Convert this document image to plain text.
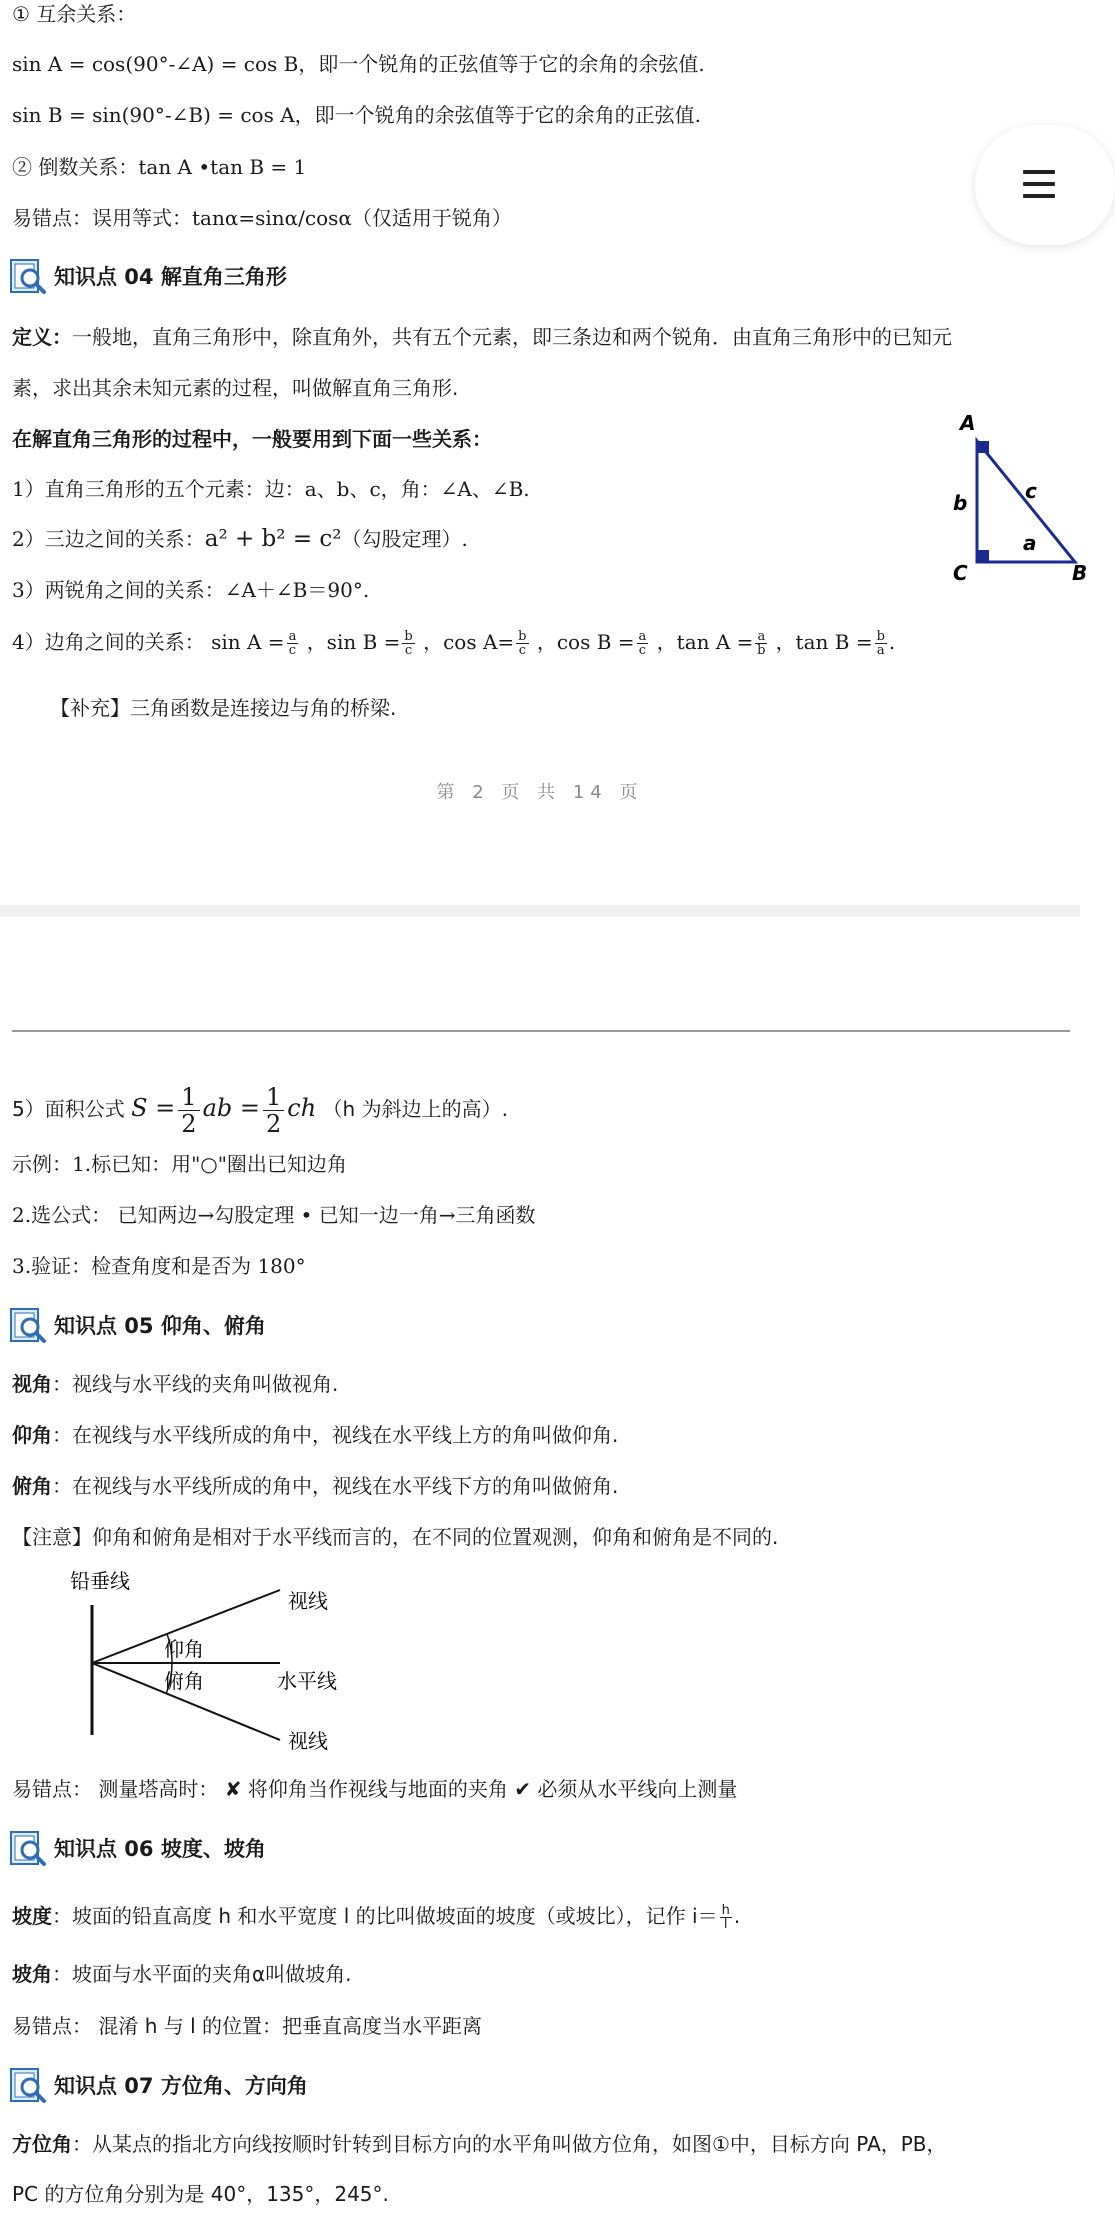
① 互余关系：
sin A = cos(90°-∠A) = cos B，即一个锐角的正弦值等于它的余角的余弦值.
sin B = sin(90°-∠B) = cos A，即一个锐角的余弦值等于它的余角的正弦值.
② 倒数关系：tan A •tan B = 1
易错点：误用等式：tanα=sinα/cosα（仅适用于锐角）
知识点 04 解直角三角形
定义：一般地，直角三角形中，除直角外，共有五个元素，即三条边和两个锐角．由直角三角形中的已知元
素，求出其余未知元素的过程，叫做解直角三角形.
在解直角三角形的过程中，一般要用到下面一些关系：
1）直角三角形的五个元素：边：a、b、c，角：∠A、∠B.
2）三边之间的关系：a² + b² = c²（勾股定理）.
3）两锐角之间的关系：∠A＋∠B＝90°.
4）边角之间的关系： $\sin A = \frac{a}{c}$ ，$\sin B = \frac{b}{c}$ ，$\cos A= \frac{b}{c}$ ，$\cos B = \frac{a}{c}$ ，$\tan A = \frac{a}{b}$ ，$\tan B = \frac{b}{a}$ .
【补充】三角函数是连接边与角的桥梁.
A
C	B
b
a
c
第 2 页 共 14 页
5）面积公式 $S = \frac{1}{2}$ ab = $\frac{1}{2}$ ch （h 为斜边上的高）.
示例：1.标已知：用"○"圈出已知边角
2.选公式： 已知两边→勾股定理 • 已知一边一角→三角函数
3.验证：检查角度和是否为 180°
知识点 05 仰角、俯角
视角：视线与水平线的夹角叫做视角.
仰角：在视线与水平线所成的角中，视线在水平线上方的角叫做仰角.
俯角：在视线与水平线所成的角中，视线在水平线下方的角叫做俯角.
【注意】仰角和俯角是相对于水平线而言的，在不同的位置观测，仰角和俯角是不同的.
铅垂线
视线
仰角
俯角	水平线
视线
易错点： 测量塔高时： ✘ 将仰角当作视线与地面的夹角 ✔ 必须从水平线向上测量
知识点 06 坡度、坡角
坡度：坡面的铅直高度 h 和水平宽度 l 的比叫做坡面的坡度（或坡比），记作 $i= \frac{h}{l}$ .
坡角：坡面与水平面的夹角α叫做坡角.
易错点： 混淆 h 与 l 的位置：把垂直高度当水平距离
知识点 07 方位角、方向角
方位角：从某点的指北方向线按顺时针转到目标方向的水平角叫做方位角，如图①中，目标方向 PA，PB，
PC 的方位角分别为是 40°，135°，245°.
